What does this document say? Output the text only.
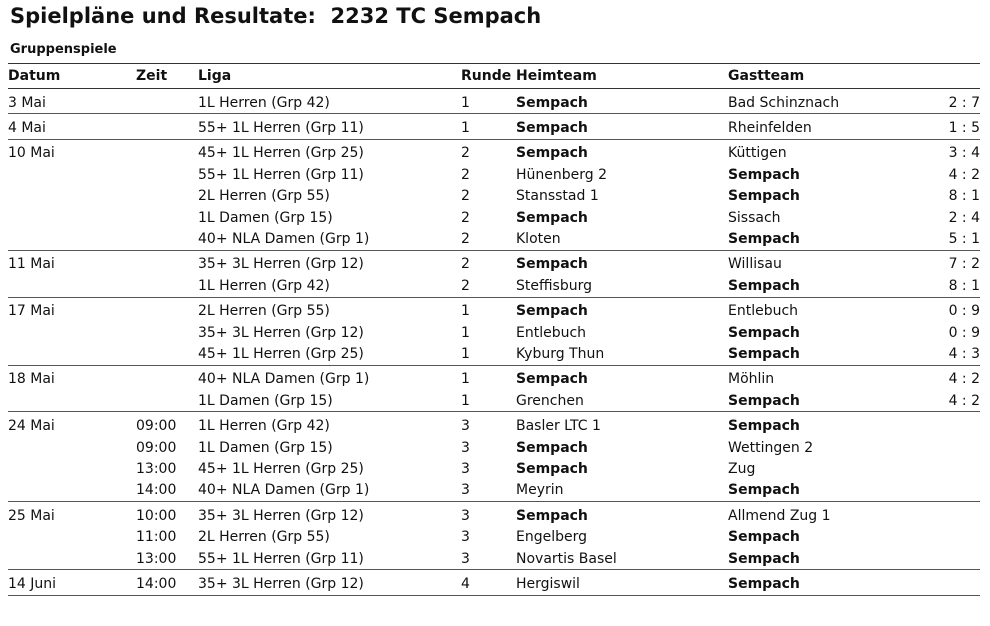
Spielpläne und Resultate:  2232 TC Sempach
Gruppenspiele
Datum	Zeit	Liga	Runde	Heimteam	Gastteam	
3 Mai		1L Herren (Grp 42)	1	Sempach	Bad Schinznach	2 : 7
4 Mai		55+ 1L Herren (Grp 11)	1	Sempach	Rheinfelden	1 : 5
10 Mai		45+ 1L Herren (Grp 25)	2	Sempach	Küttigen	3 : 4
		55+ 1L Herren (Grp 11)	2	Hünenberg 2	Sempach	4 : 2
		2L Herren (Grp 55)	2	Stansstad 1	Sempach	8 : 1
		1L Damen (Grp 15)	2	Sempach	Sissach	2 : 4
		40+ NLA Damen (Grp 1)	2	Kloten	Sempach	5 : 1
11 Mai		35+ 3L Herren (Grp 12)	2	Sempach	Willisau	7 : 2
		1L Herren (Grp 42)	2	Steffisburg	Sempach	8 : 1
17 Mai		2L Herren (Grp 55)	1	Sempach	Entlebuch	0 : 9
		35+ 3L Herren (Grp 12)	1	Entlebuch	Sempach	0 : 9
		45+ 1L Herren (Grp 25)	1	Kyburg Thun	Sempach	4 : 3
18 Mai		40+ NLA Damen (Grp 1)	1	Sempach	Möhlin	4 : 2
		1L Damen (Grp 15)	1	Grenchen	Sempach	4 : 2
24 Mai	09:00	1L Herren (Grp 42)	3	Basler LTC 1	Sempach	
	09:00	1L Damen (Grp 15)	3	Sempach	Wettingen 2	
	13:00	45+ 1L Herren (Grp 25)	3	Sempach	Zug	
	14:00	40+ NLA Damen (Grp 1)	3	Meyrin	Sempach	
25 Mai	10:00	35+ 3L Herren (Grp 12)	3	Sempach	Allmend Zug 1	
	11:00	2L Herren (Grp 55)	3	Engelberg	Sempach	
	13:00	55+ 1L Herren (Grp 11)	3	Novartis Basel	Sempach	
14 Juni	14:00	35+ 3L Herren (Grp 12)	4	Hergiswil	Sempach	
